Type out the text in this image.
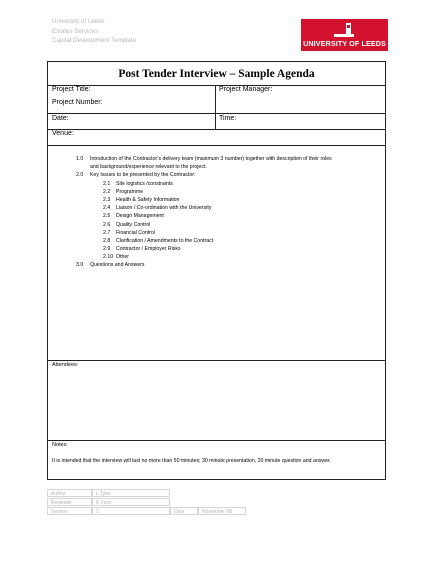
University of Leeds
Estates Services
Capital Development Template	UNIVERSITY OF LEEDS
Post Tender Interview – Sample Agenda
Project Title:	Project Manager:
Project Number:
Date:	Time:
Venue:
1.0 Introduction of the Contractor’s delivery team (maximum 3 number) together with description of their roles
and background/experience relevant to the project.
2.0 Key Issues to be presented by the Contractor:
2.1 Site logistics /constraints
2.2 Programme
2.3 Health & Safety Information
2.4 Liaison / Co-ordination with the University
2.5 Design Management
2.6 Quality Control
2.7 Financial Control
2.8 Clarification / Amendments to the Contract
2.9 Contractor / Employer Risks
2.10 Other
3.0 Questions and Answers
Attendees:
Notes:
It is intended that the interview will last no more than 50 minutes; 30 minute presentation, 20 minute question and answer.
Author	L Tyler
Reviewer	K Ford
Version	2	Date	November 08
